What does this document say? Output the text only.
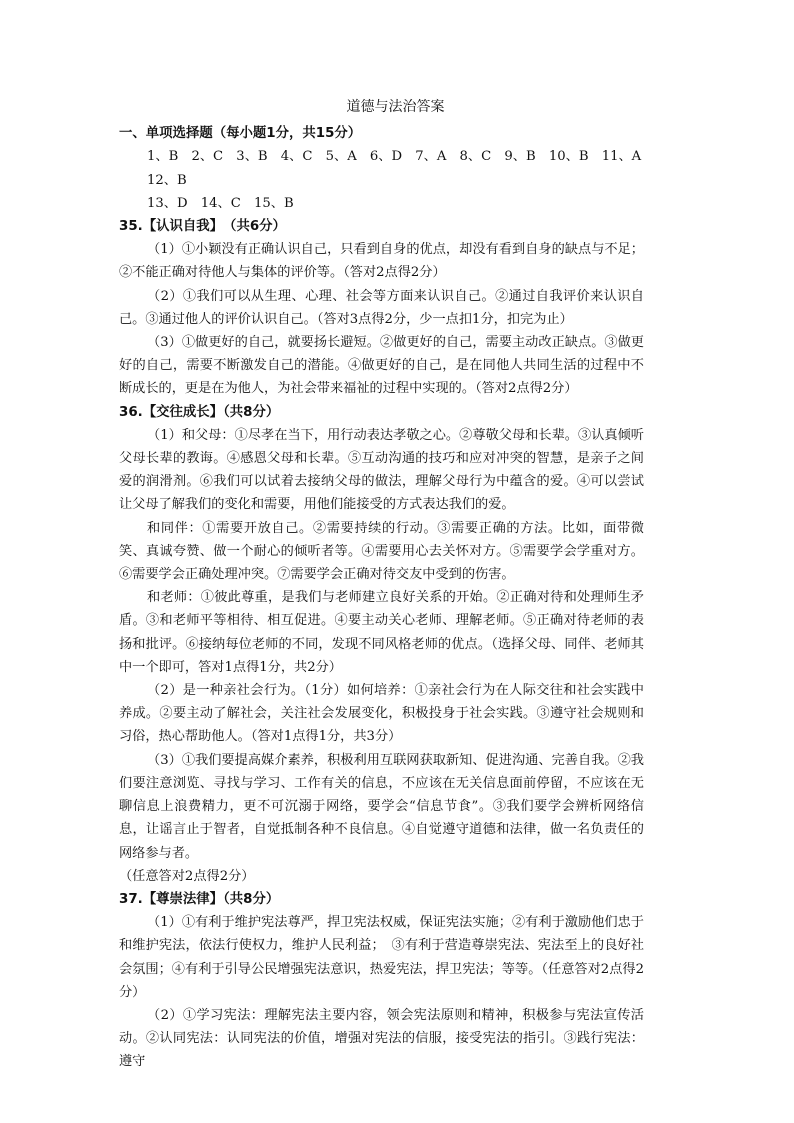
道德与法治答案
一、单项选择题（每小题1分，共15分）
1、B　2、C　3、B　4、C　5、A　6、D　7、A　8、C　9、B　10、B　11、A　12、B
13、D　14、C　15、B
35.【认识自我】　（共6分）

（1）①小颖没有正确认识自己，只看到自身的优点，却没有看到自身的缺点与不足；②不能正确对待他人与集体的评价等。（答对2点得2分）

（2）①我们可以从生理、心理、社会等方面来认识自己。②通过自我评价来认识自己。③通过他人的评价认识自己。（答对3点得2分，少一点扣1分，扣完为止）

（3）①做更好的自己，就要扬长避短。②做更好的自己，需要主动改正缺点。③做更好的自己，需要不断激发自己的潜能。④做更好的自己，是在同他人共同生活的过程中不断成长的，更是在为他人，为社会带来福祉的过程中实现的。（答对2点得2分）

36.【交往成长】（共8分）

（1）和父母：①尽孝在当下，用行动表达孝敬之心。②尊敬父母和长辈。③认真倾听父母长辈的教诲。④感恩父母和长辈。⑤互动沟通的技巧和应对冲突的智慧，是亲子之间爱的润滑剂。⑥我们可以试着去接纳父母的做法，理解父母行为中蕴含的爱。④可以尝试让父母了解我们的变化和需要，用他们能接受的方式表达我们的爱。

和同伴：①需要开放自己。②需要持续的行动。③需要正确的方法。比如，面带微笑、真诚夸赞、做一个耐心的倾听者等。④需要用心去关怀对方。⑤需要学会学重对方。⑥需要学会正确处理冲突。⑦需要学会正确对待交友中受到的伤害。

和老师：①彼此尊重，是我们与老师建立良好关系的开始。②正确对待和处理师生矛盾。③和老师平等相待、相互促进。④要主动关心老师、理解老师。⑤正确对待老师的表扬和批评。⑥接纳每位老师的不同，发现不同风格老师的优点。（选择父母、同伴、老师其中一个即可，答对1点得1分，共2分）

（2）是一种亲社会行为。（1分）如何培养：①亲社会行为在人际交往和社会实践中养成。②要主动了解社会，关注社会发展变化，积极投身于社会实践。③遵守社会规则和习俗，热心帮助他人。（答对1点得1分，共3分）

（3）①我们要提高媒介素养，积极利用互联网获取新知、促进沟通、完善自我。②我们要注意浏览、寻找与学习、工作有关的信息，不应该在无关信息面前停留，不应该在无聊信息上浪费精力，更不可沉溺于网络，要学会“信息节食”。③我们要学会辨析网络信息，让谣言止于智者，自觉抵制各种不良信息。④自觉遵守道德和法律，做一名负责任的网络参与者。

（任意答对2点得2分）

37.【尊崇法律】（共8分）

（1）①有利于维护宪法尊严，捍卫宪法权威，保证宪法实施；②有利于激励他们忠于和维护宪法，依法行使权力，维护人民利益；　③有利于营造尊崇宪法、宪法至上的良好社会氛围；④有利于引导公民增强宪法意识，热爱宪法，捍卫宪法；等等。（任意答对2点得2分）

（2）①学习宪法：理解宪法主要内容，领会宪法原则和精神，积极参与宪法宣传活动。②认同宪法：认同宪法的价值，增强对宪法的信服，接受宪法的指引。③践行宪法：遵守
